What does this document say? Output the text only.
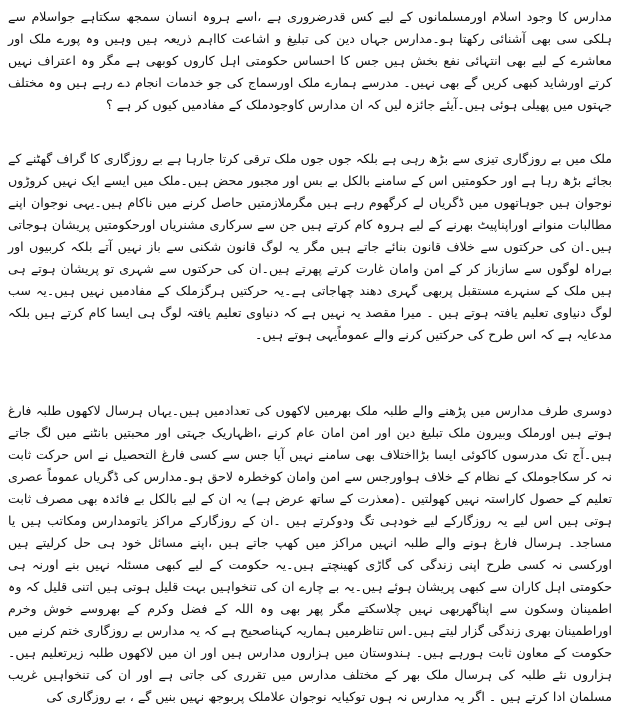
مدارس کا وجود اسلام اورمسلمانوں کے لیے کس قدرضروری ہے ،اسے ہروہ انسان سمجھ سکتاہے جواسلام سے ہلکی سی بھی آشنائی رکھتا ہو۔مدارس جہاں دین کی تبلیغ و اشاعت کااہم ذریعہ ہیں وہیں وہ پورے ملک اور معاشرے کے لیے بھی انتہائی نفع بخش ہیں جس کا احساس حکومتی اہل کاروں کوبھی ہے مگر وہ اعتراف نہیں کرتے اورشاید کبھی کریں گے بھی نہیں۔ مدرسے ہمارے ملک اورسماج کی جو خدمات انجام دے رہے ہیں وہ مختلف جہتوں میں پھیلی ہوئی ہیں۔آیئے جائزہ لیں کہ ان مدارس کاوجودملک کے مفادمیں کیوں کر ہے ؟

ملک میں بے روزگاری تیزی سے بڑھ رہی ہے بلکہ جوں جوں ملک ترقی کرتا جارہا ہے بے روزگاری کا گراف گھٹنے کے بجائے بڑھ رہا ہے اور حکومتیں اس کے سامنے بالکل بے بس اور مجبور محض ہیں۔ملک میں ایسے ایک نہیں کروڑوں نوجوان ہیں جوہاتھوں میں ڈگریاں لے کرگھوم رہے ہیں مگرملازمتیں حاصل کرنے میں ناکام ہیں۔یہی نوجوان اپنے مطالبات منوانے اوراپناپیٹ بھرنے کے لیے ہروہ کام کرتے ہیں جن سے سرکاری مشنریاں اورحکومتیں پریشان ہوجاتی ہیں۔ان کی حرکتوں سے خلاف قانون بنائے جاتے ہیں مگر یہ لوگ قانون شکنی سے باز نہیں آتے بلکہ کربیوں اور بےراہ لوگوں سے سازباز کر کے امن وامان غارت کرتے پھرتے ہیں۔ان کی حرکتوں سے شہری تو پریشان ہوتے ہی ہیں ملک کے سنہرے مستقبل پربھی گہری دھند چھاجاتی ہے۔یہ حرکتیں ہرگزملک کے مفادمیں نہیں ہیں۔یہ سب لوگ دنیاوی تعلیم یافتہ ہوتے ہیں ۔ میرا مقصد یہ نہیں ہے کہ دنیاوی تعلیم یافتہ لوگ ہی ایسا کام کرتے ہیں بلکہ مدعایہ ہے کہ اس طرح کی حرکتیں کرنے والے عموماًیہی ہوتے ہیں۔

دوسری طرف مدارس میں پڑھنے والے طلبہ ملک بھرمیں لاکھوں کی تعدادمیں ہیں۔یہاں ہرسال لاکھوں طلبہ فارغ ہوتے ہیں اورملک وبیرون ملک تبلیغ دین اور امن امان عام کرنے ،اظہاریک جہتی اور محبتیں بانٹنے میں لگ جاتے ہیں۔آج تک مدرسوں کاکوئی ایسا بڑااختلاف بھی سامنے نہیں آیا جس سے کسی فارغ التحصیل نے اس حرکت ثابت نہ کر سکاجوملک کے نظام کے خلاف ہواورجس سے امن وامان کوخطرہ لاحق ہو۔مدارس کی ڈگریاں عموماً عصری تعلیم کے حصول کاراستہ نہیں کھولتیں ۔(معذرت کے ساتھ عرض ہے) یہ ان کے لیے بالکل بے فائدہ بھی مصرف ثابت ہوتی ہیں اس لیے یہ روزگارکے لیے خودہی تگ ودوکرتے ہیں ۔ان کے روزگارکے مراکز یاتومدارس ومکاتب ہیں یا مساجد۔ ہرسال فارغ ہونے والے طلبہ انہیں مراکز میں کھپ جاتے ہیں ،اپنے مسائل خود ہی حل کرلیتے ہیں اورکسی نہ کسی طرح اپنی زندگی کی گاڑی کھینچتے ہیں۔یہ حکومت کے لیے کبھی مسئلہ نہیں بنے اورنہ ہی حکومتی اہل کاران سے کبھی پریشان ہوئے ہیں۔یہ بے چارے ان کی تنخواہیں بہت قلیل ہوتی ہیں اتنی قلیل کہ وہ اطمینان وسکون سے اپناگھربھی نہیں چلاسکتے مگر پھر بھی وہ اللہ کے فضل وکرم کے بھروسے خوش وخرم اوراطمینان بھری زندگی گزار لیتے ہیں۔اس تناظرمیں ہماریہ کہناصحیح ہے کہ یہ مدارس بے روزگاری ختم کرنے میں حکومت کے معاون ثابت ہورہے ہیں۔ ہندوستان میں ہزاروں مدارس ہیں اور ان میں لاکھوں طلبہ زیرتعلیم ہیں۔ ہزاروں نئے طلبہ کی ہرسال ملک بھر کے مختلف مدارس میں تقرری کی جاتی ہے اور ان کی تنخواہیں غریب مسلمان ادا کرتے ہیں ۔ اگر یہ مدارس نہ ہوں توکیایہ نوجوان علاملک پربوجھ نہیں بنیں گے ، بے روزگاری کی
